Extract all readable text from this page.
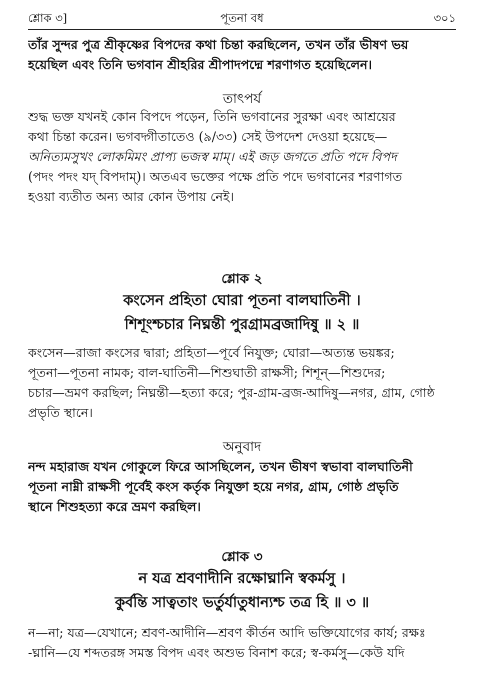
শ্লোক ৩]	পূতনা বধ	৩০১
তাঁর সুন্দর পুত্র শ্রীকৃষ্ণের বিপদের কথা চিন্তা করছিলেন, তখন তাঁর ভীষণ ভয়
হয়েছিল এবং তিনি ভগবান শ্রীহরির শ্রীপাদপদ্মে শরণাগত হয়েছিলেন।
তাৎপর্য
শুদ্ধ ভক্ত যখনই কোন বিপদে পড়েন, তিনি ভগবানের সুরক্ষা এবং আশ্রয়ের
কথা চিন্তা করেন। ভগবদ্গীতাতেও (৯/৩৩) সেই উপদেশ দেওয়া হয়েছে—
অনিত্যমসুখং লোকমিমং প্রাপ্য ভজস্ব মাম্। এই জড় জগতে প্রতি পদে বিপদ
(পদং পদং যদ্ বিপদাম্)। অতএব ভক্তের পক্ষে প্রতি পদে ভগবানের শরণাগত
হওয়া ব্যতীত অন্য আর কোন উপায় নেই।
শ্লোক ২
কংসেন প্রহিতা ঘোরা পূতনা বালঘাতিনী ।
শিশূংশ্চচার নিঘ্নন্তী পুরগ্রামব্রজাদিষু ॥ ২ ॥
কংসেন—রাজা কংসের দ্বারা; প্রহিতা—পূর্বে নিযুক্ত; ঘোরা—অত্যন্ত ভয়ঙ্কর;
পূতনা—পূতনা নামক; বাল-ঘাতিনী—শিশুঘাতী রাক্ষসী; শিশূন্—শিশুদের;
চচার—ভ্রমণ করছিল; নিঘ্নন্তী—হত্যা করে; পুর-গ্রাম-ব্রজ-আদিষু—নগর, গ্রাম, গোষ্ঠ
প্রভৃতি স্থানে।
অনুবাদ
নন্দ মহারাজ যখন গোকুলে ফিরে আসছিলেন, তখন ভীষণ স্বভাবা বালঘাতিনী
পূতনা নাম্নী রাক্ষসী পূর্বেই কংস কর্তৃক নিযুক্তা হয়ে নগর, গ্রাম, গোষ্ঠ প্রভৃতি
স্থানে শিশুহত্যা করে ভ্রমণ করছিল।
শ্লোক ৩
ন যত্র শ্রবণাদীনি রক্ষোঘ্নানি স্বকর্মসু ।
কুর্বন্তি সাত্বতাং ভর্তুর্যাতুধান্যশ্চ তত্র হি ॥ ৩ ॥
ন—না; যত্র—যেখানে; শ্রবণ-আদীনি—শ্রবণ কীর্তন আদি ভক্তিযোগের কার্য; রক্ষঃ
-ঘ্নানি—যে শব্দতরঙ্গ সমস্ত বিপদ এবং অশুভ বিনাশ করে; স্ব-কর্মসু—কেউ যদি
